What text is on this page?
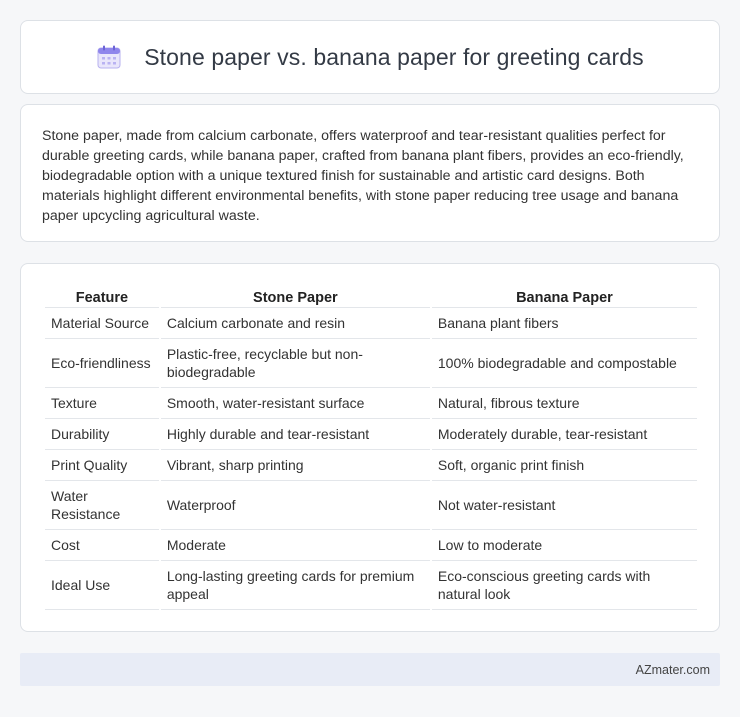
Stone paper vs. banana paper for greeting cards

Stone paper, made from calcium carbonate, offers waterproof and tear-resistant qualities perfect for durable greeting cards, while banana paper, crafted from banana plant fibers, provides an eco-friendly, biodegradable option with a unique textured finish for sustainable and artistic card designs. Both materials highlight different environmental benefits, with stone paper reducing tree usage and banana paper upcycling agricultural waste.

Feature	Stone Paper	Banana Paper
Material Source	Calcium carbonate and resin	Banana plant fibers
Eco-friendliness	Plastic-free, recyclable but non-biodegradable	100% biodegradable and compostable
Texture	Smooth, water-resistant surface	Natural, fibrous texture
Durability	Highly durable and tear-resistant	Moderately durable, tear-resistant
Print Quality	Vibrant, sharp printing	Soft, organic print finish
Water Resistance	Waterproof	Not water-resistant
Cost	Moderate	Low to moderate
Ideal Use	Long-lasting greeting cards for premium appeal	Eco-conscious greeting cards with natural look
AZmater.com
